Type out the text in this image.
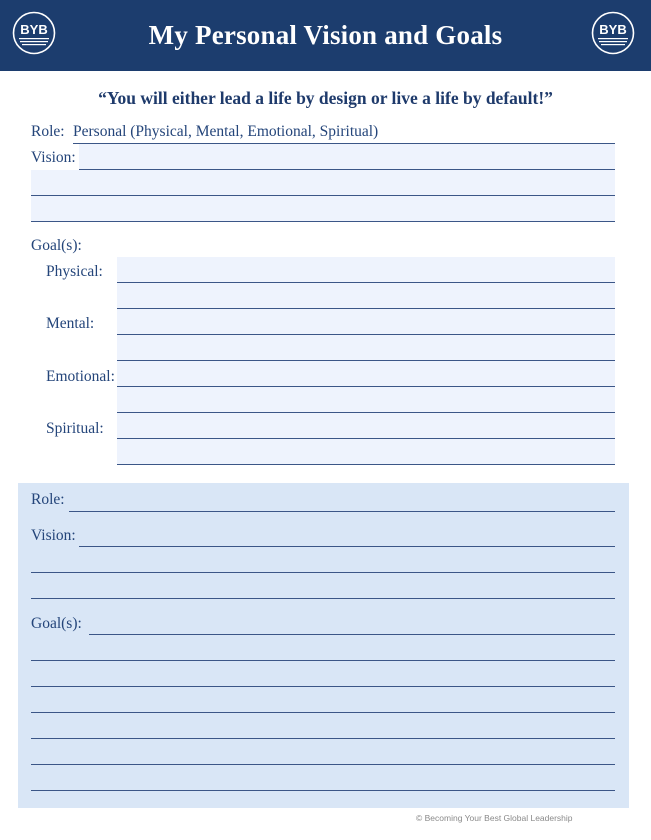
BYB	My Personal Vision and Goals	BYB
“You will either lead a life by design or live a life by default!”
Role: Personal (Physical, Mental, Emotional, Spiritual)
Vision:
Goal(s):
Physical:
Mental:
Emotional:
Spiritual:
Role:
Vision:
Goal(s):
© Becoming Your Best Global Leadership
